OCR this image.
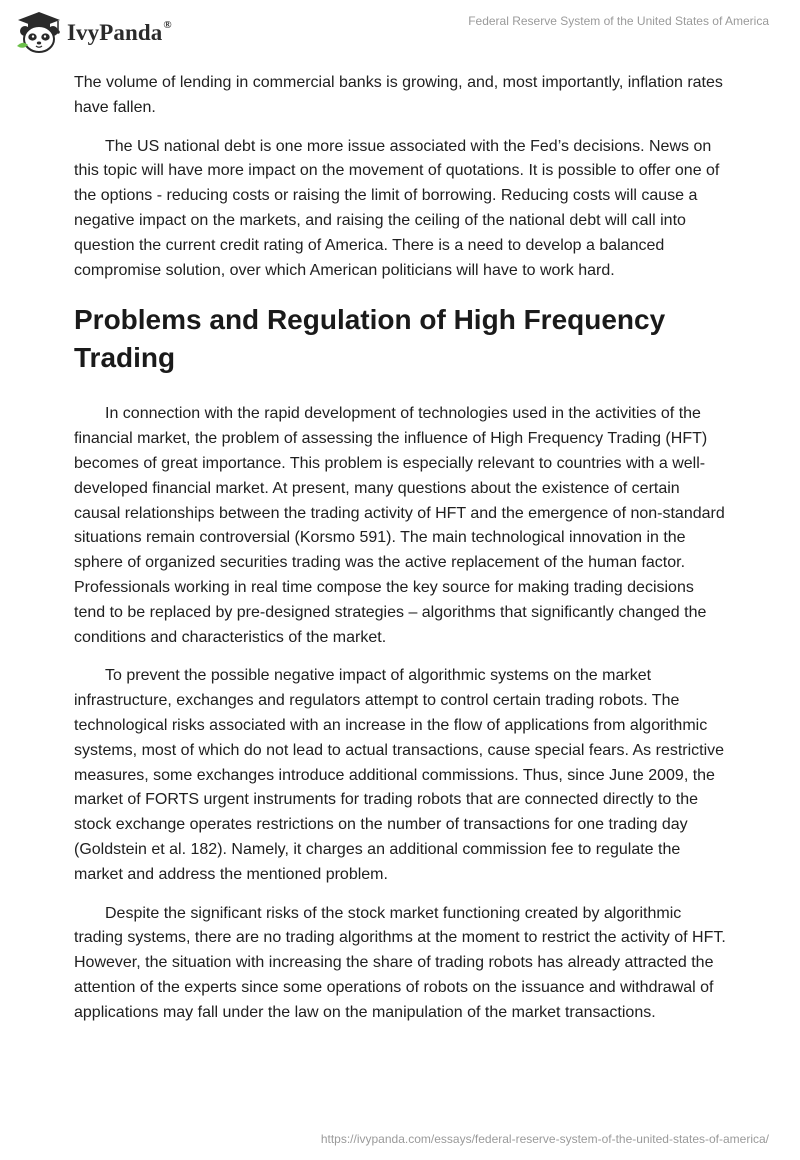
IvyPanda®	Federal Reserve System of the United States of America

The volume of lending in commercial banks is growing, and, most importantly, inflation rates have fallen.

The US national debt is one more issue associated with the Fed’s decisions. News on this topic will have more impact on the movement of quotations. It is possible to offer one of the options - reducing costs or raising the limit of borrowing. Reducing costs will cause a negative impact on the markets, and raising the ceiling of the national debt will call into question the current credit rating of America. There is a need to develop a balanced compromise solution, over which American politicians will have to work hard.

Problems and Regulation of High Frequency Trading

In connection with the rapid development of technologies used in the activities of the financial market, the problem of assessing the influence of High Frequency Trading (HFT) becomes of great importance. This problem is especially relevant to countries with a well-developed financial market. At present, many questions about the existence of certain causal relationships between the trading activity of HFT and the emergence of non-standard situations remain controversial (Korsmo 591). The main technological innovation in the sphere of organized securities trading was the active replacement of the human factor. Professionals working in real time compose the key source for making trading decisions tend to be replaced by pre-designed strategies – algorithms that significantly changed the conditions and characteristics of the market.

To prevent the possible negative impact of algorithmic systems on the market infrastructure, exchanges and regulators attempt to control certain trading robots. The technological risks associated with an increase in the flow of applications from algorithmic systems, most of which do not lead to actual transactions, cause special fears. As restrictive measures, some exchanges introduce additional commissions. Thus, since June 2009, the market of FORTS urgent instruments for trading robots that are connected directly to the stock exchange operates restrictions on the number of transactions for one trading day (Goldstein et al. 182). Namely, it charges an additional commission fee to regulate the market and address the mentioned problem.

Despite the significant risks of the stock market functioning created by algorithmic trading systems, there are no trading algorithms at the moment to restrict the activity of HFT. However, the situation with increasing the share of trading robots has already attracted the attention of the experts since some operations of robots on the issuance and withdrawal of applications may fall under the law on the manipulation of the market transactions.

https://ivypanda.com/essays/federal-reserve-system-of-the-united-states-of-america/
